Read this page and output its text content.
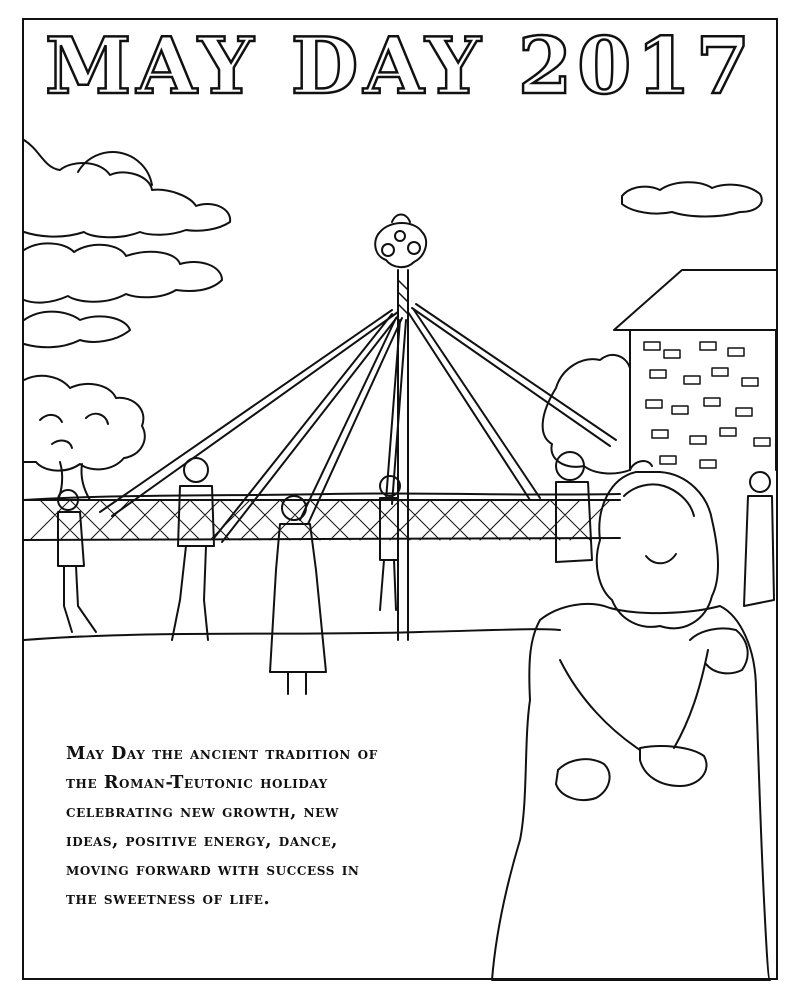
MAY DAY 2017

May Day the ancient tradition of
the Roman-Teutonic holiday
celebrating new growth, new
ideas, positive energy, dance,
moving forward with success in
the sweetness of life.
